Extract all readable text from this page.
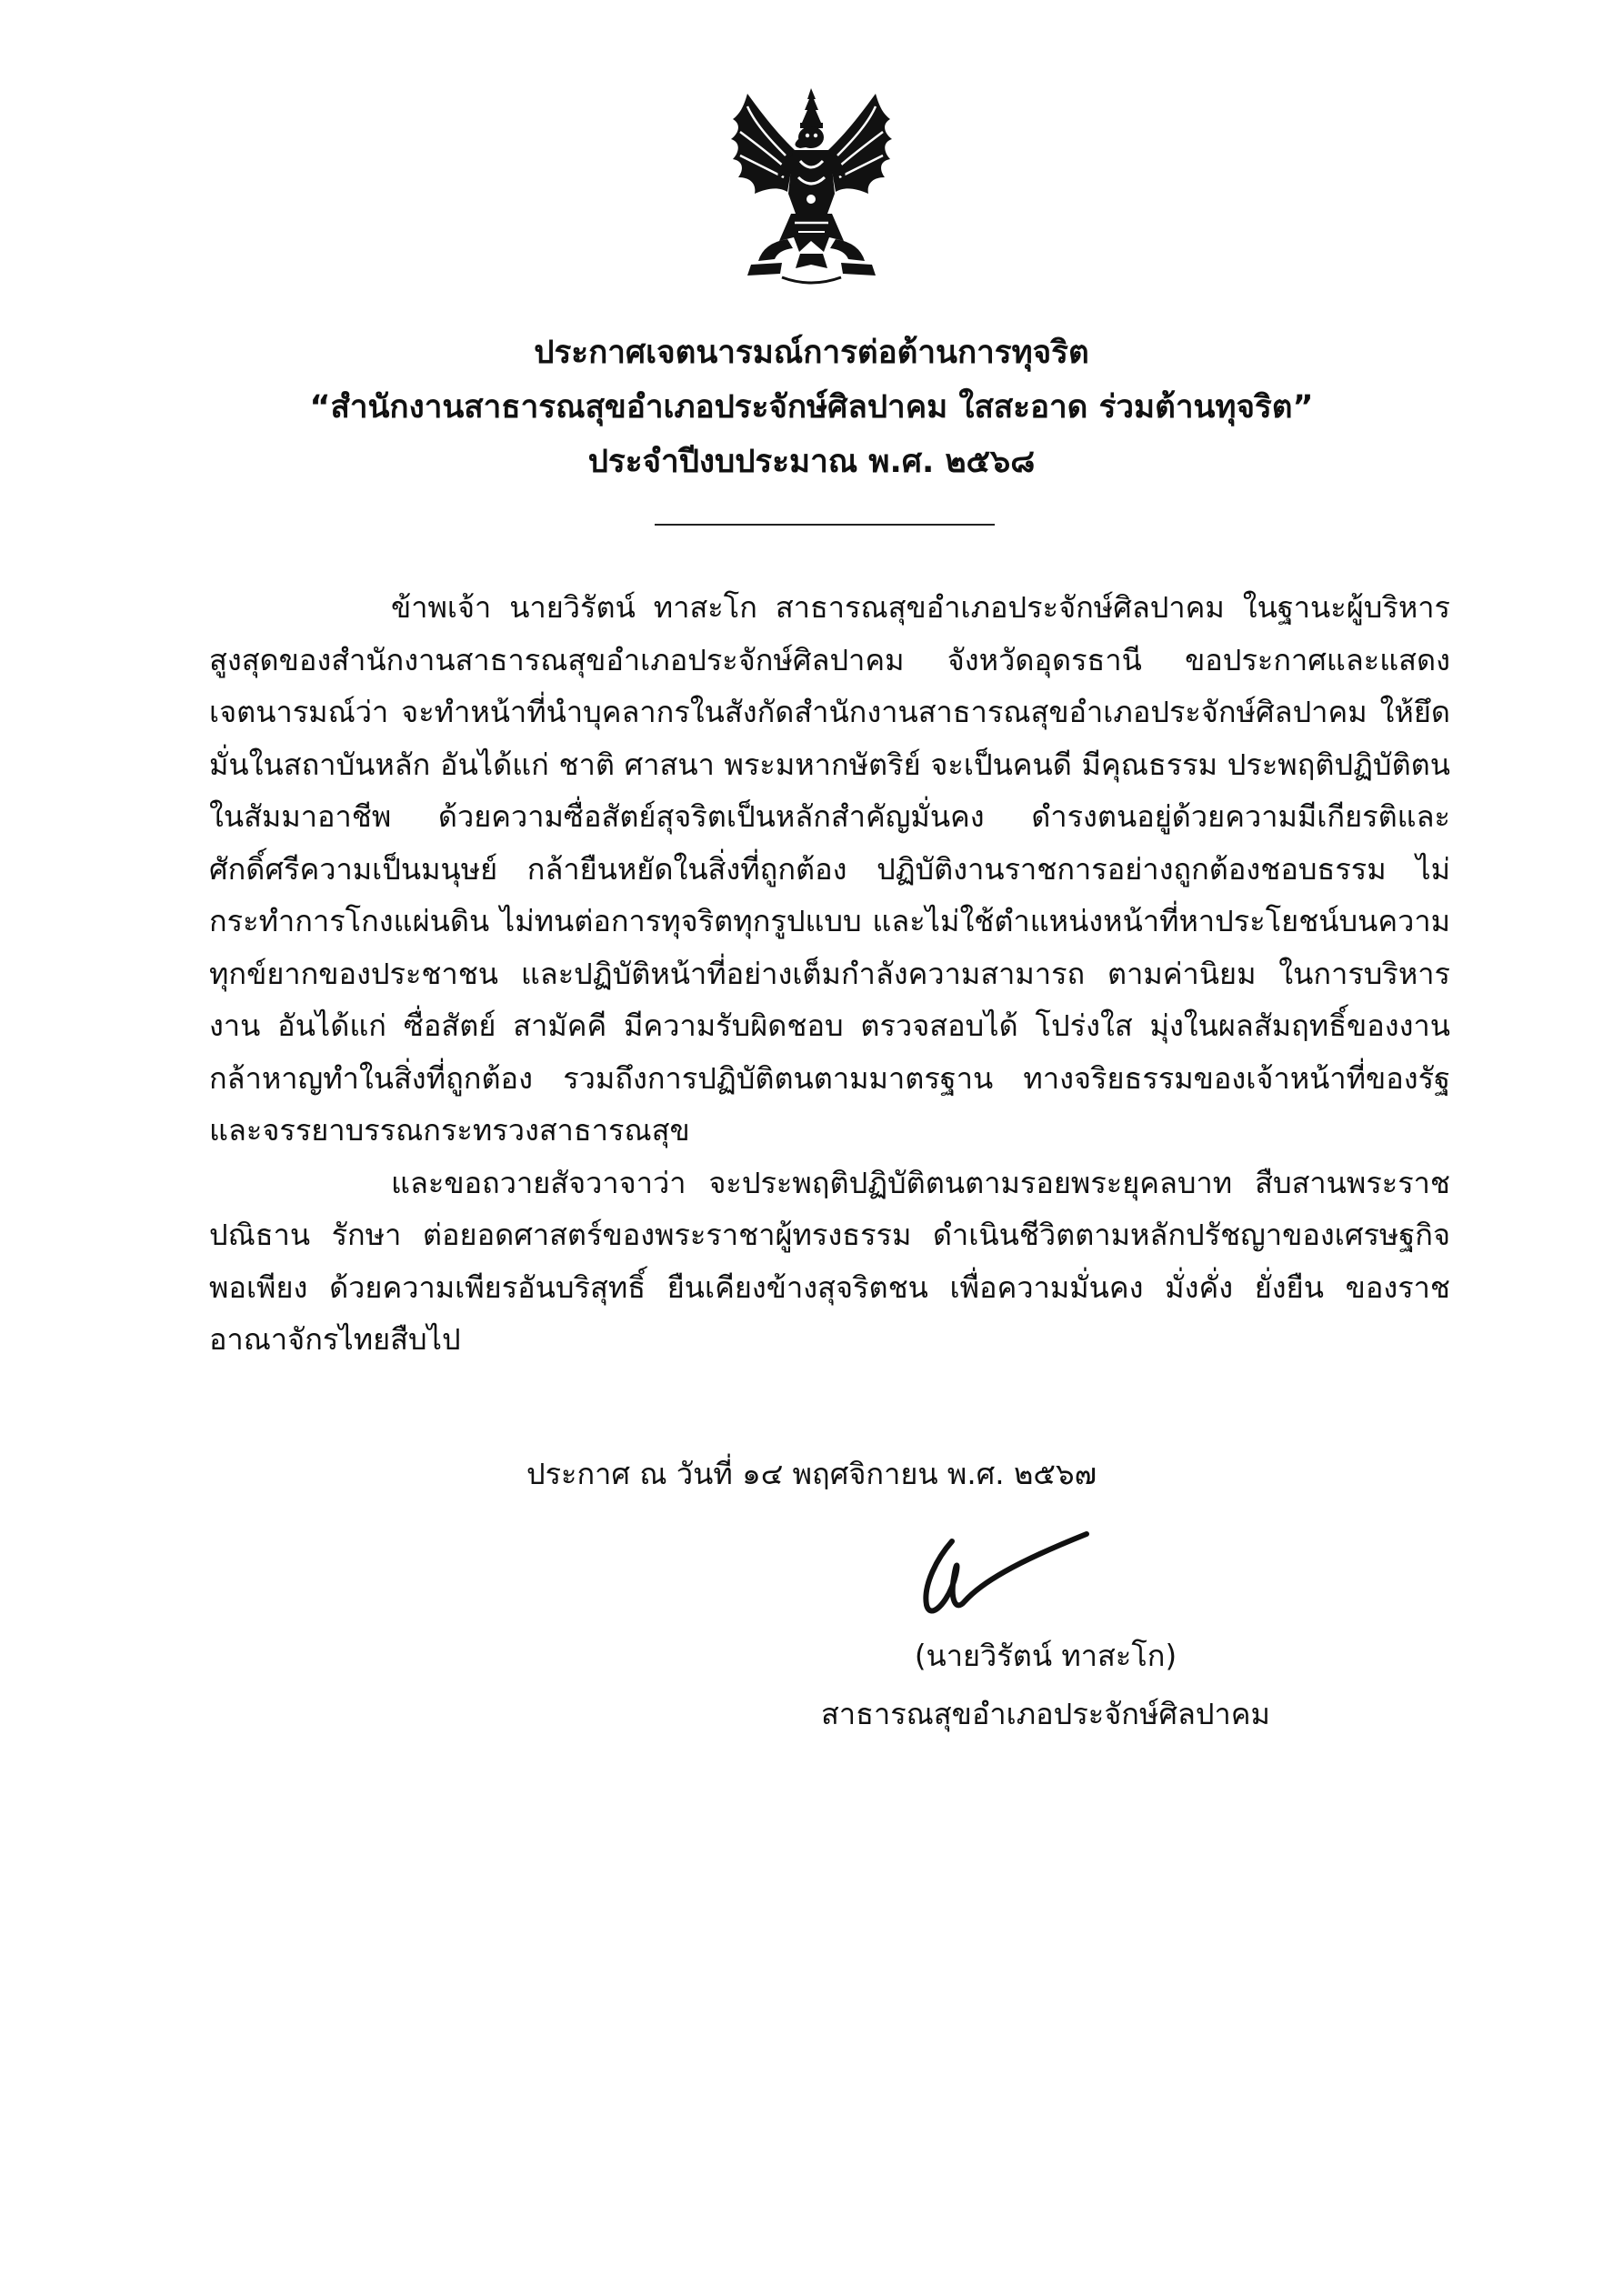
ประกาศเจตนารมณ์การต่อต้านการทุจริต
“สำนักงานสาธารณสุขอำเภอประจักษ์ศิลปาคม ใสสะอาด ร่วมต้านทุจริต”
ประจำปีงบประมาณ พ.ศ. ๒๕๖๘

ข้าพเจ้า นายวิรัตน์ ทาสะโก สาธารณสุขอำเภอประจักษ์ศิลปาคม ในฐานะผู้บริหารสูงสุดของสำนักงานสาธารณสุขอำเภอประจักษ์ศิลปาคม จังหวัดอุดรธานี ขอประกาศและแสดงเจตนารมณ์ว่า จะทำหน้าที่นำบุคลากรในสังกัดสำนักงานสาธารณสุขอำเภอประจักษ์ศิลปาคม ให้ยึดมั่นในสถาบันหลัก อันได้แก่ ชาติ ศาสนา พระมหากษัตริย์ จะเป็นคนดี มีคุณธรรม ประพฤติปฏิบัติตนในสัมมาอาชีพ ด้วยความซื่อสัตย์สุจริตเป็นหลักสำคัญมั่นคง ดำรงตนอยู่ด้วยความมีเกียรติและศักดิ์ศรีความเป็นมนุษย์ กล้ายืนหยัดในสิ่งที่ถูกต้อง ปฏิบัติงานราชการอย่างถูกต้องชอบธรรม ไม่กระทำการโกงแผ่นดิน ไม่ทนต่อการทุจริตทุกรูปแบบ และไม่ใช้ตำแหน่งหน้าที่หาประโยชน์บนความทุกข์ยากของประชาชน และปฏิบัติหน้าที่อย่างเต็มกำลังความสามารถ ตามค่านิยม ในการบริหารงาน อันได้แก่ ซื่อสัตย์ สามัคคี มีความรับผิดชอบ ตรวจสอบได้ โปร่งใส มุ่งในผลสัมฤทธิ์ของงาน กล้าหาญทำในสิ่งที่ถูกต้อง รวมถึงการปฏิบัติตนตามมาตรฐาน ทางจริยธรรมของเจ้าหน้าที่ของรัฐ และจรรยาบรรณกระทรวงสาธารณสุข

และขอถวายสัจวาจาว่า จะประพฤติปฏิบัติตนตามรอยพระยุคลบาท สืบสานพระราชปณิธาน รักษา ต่อยอดศาสตร์ของพระราชาผู้ทรงธรรม ดำเนินชีวิตตามหลักปรัชญาของเศรษฐกิจพอเพียง ด้วยความเพียรอันบริสุทธิ์ ยืนเคียงข้างสุจริตชน เพื่อความมั่นคง มั่งคั่ง ยั่งยืน ของราชอาณาจักรไทยสืบไป

ประกาศ ณ วันที่ ๑๔ พฤศจิกายน พ.ศ. ๒๕๖๗
(นายวิรัตน์ ทาสะโก)
สาธารณสุขอำเภอประจักษ์ศิลปาคม
